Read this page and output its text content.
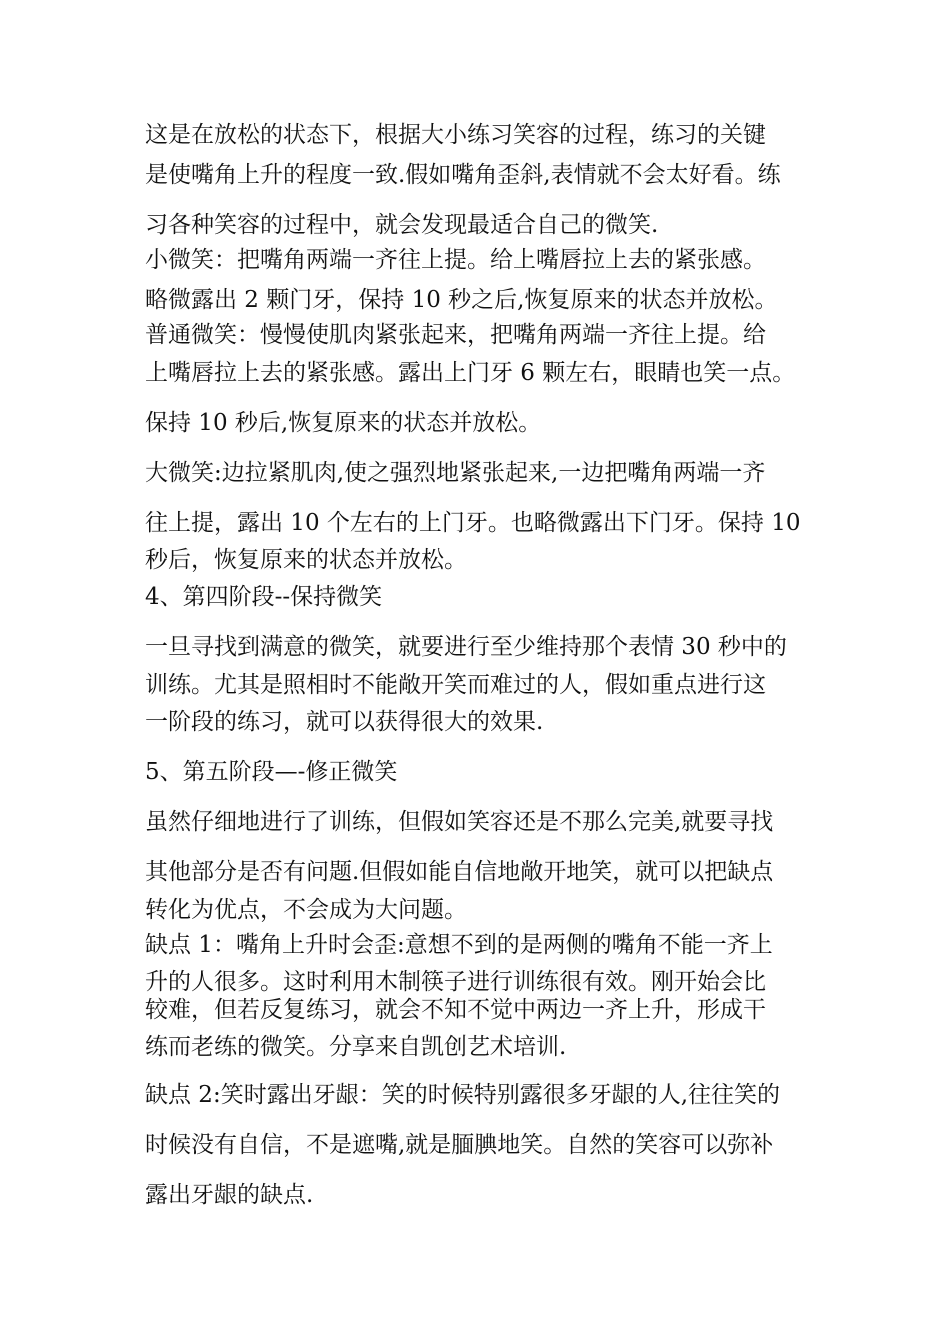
这是在放松的状态下，根据大小练习笑容的过程，练习的关键
是使嘴角上升的程度一致.假如嘴角歪斜,表情就不会太好看。练
习各种笑容的过程中，就会发现最适合自己的微笑.
小微笑：把嘴角两端一齐往上提。给上嘴唇拉上去的紧张感。
略微露出 2 颗门牙，保持 10 秒之后,恢复原来的状态并放松。
普通微笑：慢慢使肌肉紧张起来，把嘴角两端一齐往上提。给
上嘴唇拉上去的紧张感。露出上门牙 6 颗左右，眼睛也笑一点。
保持 10 秒后,恢复原来的状态并放松。
大微笑:边拉紧肌肉,使之强烈地紧张起来,一边把嘴角两端一齐
往上提，露出 10 个左右的上门牙。也略微露出下门牙。保持 10
秒后，恢复原来的状态并放松。
4、第四阶段--保持微笑
一旦寻找到满意的微笑，就要进行至少维持那个表情 30 秒中的
训练。尤其是照相时不能敞开笑而难过的人，假如重点进行这
一阶段的练习，就可以获得很大的效果.
5、第五阶段—-修正微笑
虽然仔细地进行了训练，但假如笑容还是不那么完美,就要寻找
其他部分是否有问题.但假如能自信地敞开地笑，就可以把缺点
转化为优点，不会成为大问题。
缺点 1：嘴角上升时会歪:意想不到的是两侧的嘴角不能一齐上
升的人很多。这时利用木制筷子进行训练很有效。刚开始会比
较难，但若反复练习，就会不知不觉中两边一齐上升，形成干
练而老练的微笑。分享来自凯创艺术培训.
缺点 2:笑时露出牙龈：笑的时候特别露很多牙龈的人,往往笑的
时候没有自信，不是遮嘴,就是腼腆地笑。自然的笑容可以弥补
露出牙龈的缺点.
